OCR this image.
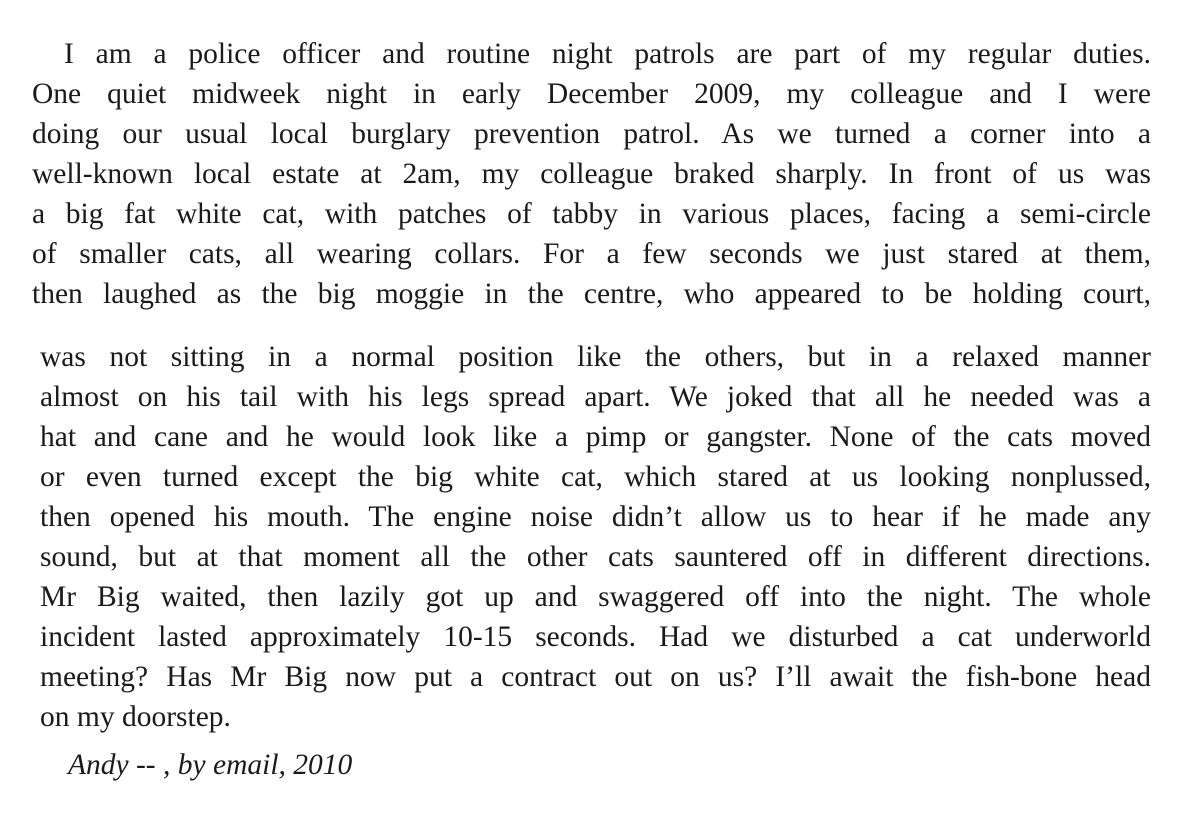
I am a police officer and routine night patrols are part of my regular duties.
One quiet midweek night in early December 2009, my colleague and I were
doing our usual local burglary prevention patrol. As we turned a corner into a
well-known local estate at 2am, my colleague braked sharply. In front of us was
a big fat white cat, with patches of tabby in various places, facing a semi-circle
of smaller cats, all wearing collars. For a few seconds we just stared at them,
then laughed as the big moggie in the centre, who appeared to be holding court,
was not sitting in a normal position like the others, but in a relaxed manner
almost on his tail with his legs spread apart. We joked that all he needed was a
hat and cane and he would look like a pimp or gangster. None of the cats moved
or even turned except the big white cat, which stared at us looking nonplussed,
then opened his mouth. The engine noise didn’t allow us to hear if he made any
sound, but at that moment all the other cats sauntered off in different directions.
Mr Big waited, then lazily got up and swaggered off into the night. The whole
incident lasted approximately 10-15 seconds. Had we disturbed a cat underworld
meeting? Has Mr Big now put a contract out on us? I’ll await the fish-bone head
on my doorstep.
Andy -- , by email, 2010
